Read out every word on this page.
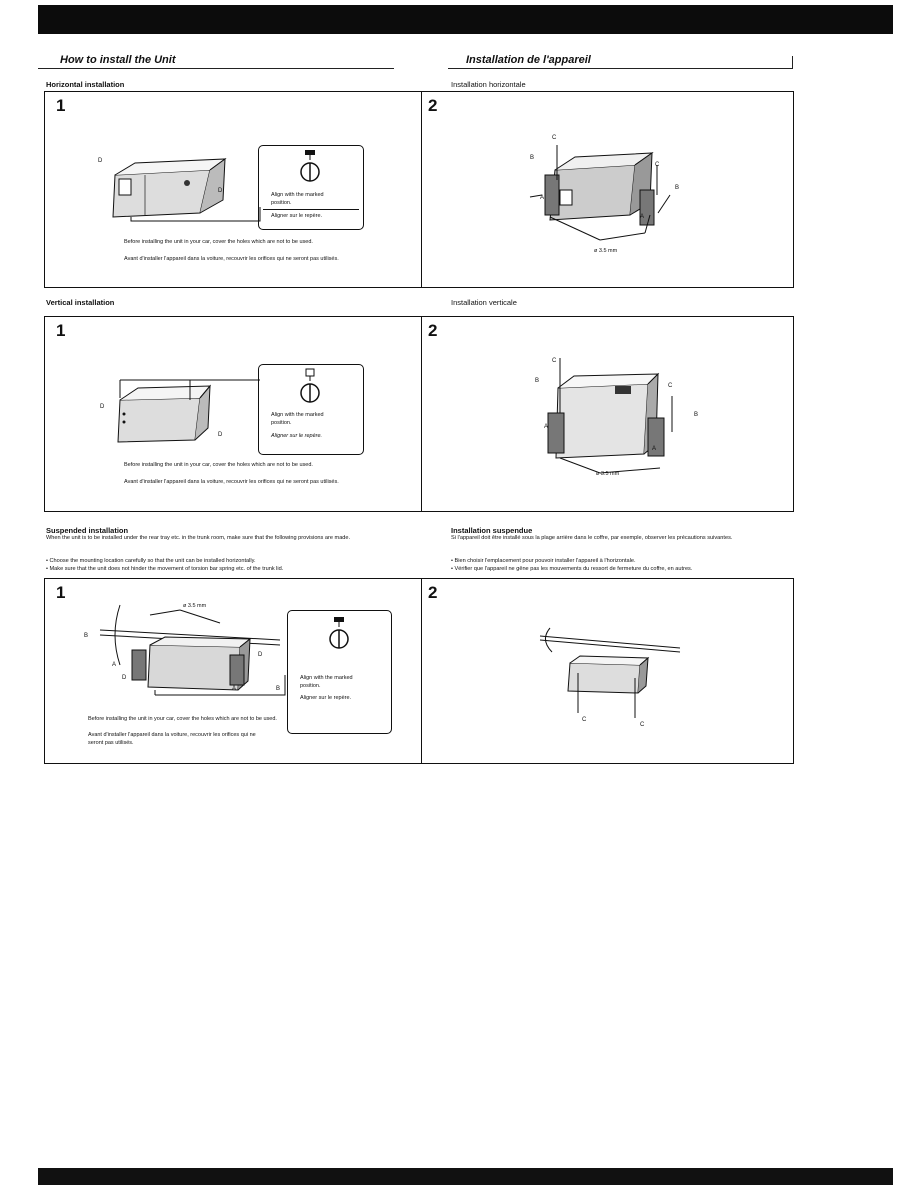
How to install the Unit	Installation de l'appareil
Horizontal installation	Installation horizontale
1	2
D
D
Align with the marked position.
Aligner sur le repère.
Before installing the unit in your car, cover the holes which are not to be used.
Avant d'installer l'appareil dans la voiture, recouvrir les orifices qui ne seront pas utilisés.
B
C
C
B
A
A
ø 3.5 mm
Vertical installation	Installation verticale
1	2
D
D
Align with the marked position.
Aligner sur le repère.
Before installing the unit in your car, cover the holes which are not to be used.
Avant d'installer l'appareil dans la voiture, recouvrir les orifices qui ne seront pas utilisés.
C
B
C
B
A
A
ø 3.5 mm
Suspended installation
When the unit is to be installed under the rear tray etc. in the trunk room, make sure that the following provisions are made.
• Choose the mounting location carefully so that the unit can be installed horizontally.
• Make sure that the unit does not hinder the movement of torsion bar spring etc. of the trunk lid.
Installation suspendue
Si l'appareil doit être installé sous la plage arrière dans le coffre, par exemple, observer les précautions suivantes.
• Bien choisir l'emplacement pour pouvoir installer l'appareil à l'horizontale.
• Vérifier que l'appareil ne gêne pas les mouvements du ressort de fermeture du coffre, en autres.
1	2
ø 3.5 mm
B
A
D
D
A	B
Align with the marked position.
Aligner sur le repère.
Before installing the unit in your car, cover the holes which are not to be used.
Avant d'installer l'appareil dans la voiture, recouvrir les orifices qui ne seront pas utilisés.
C
C
